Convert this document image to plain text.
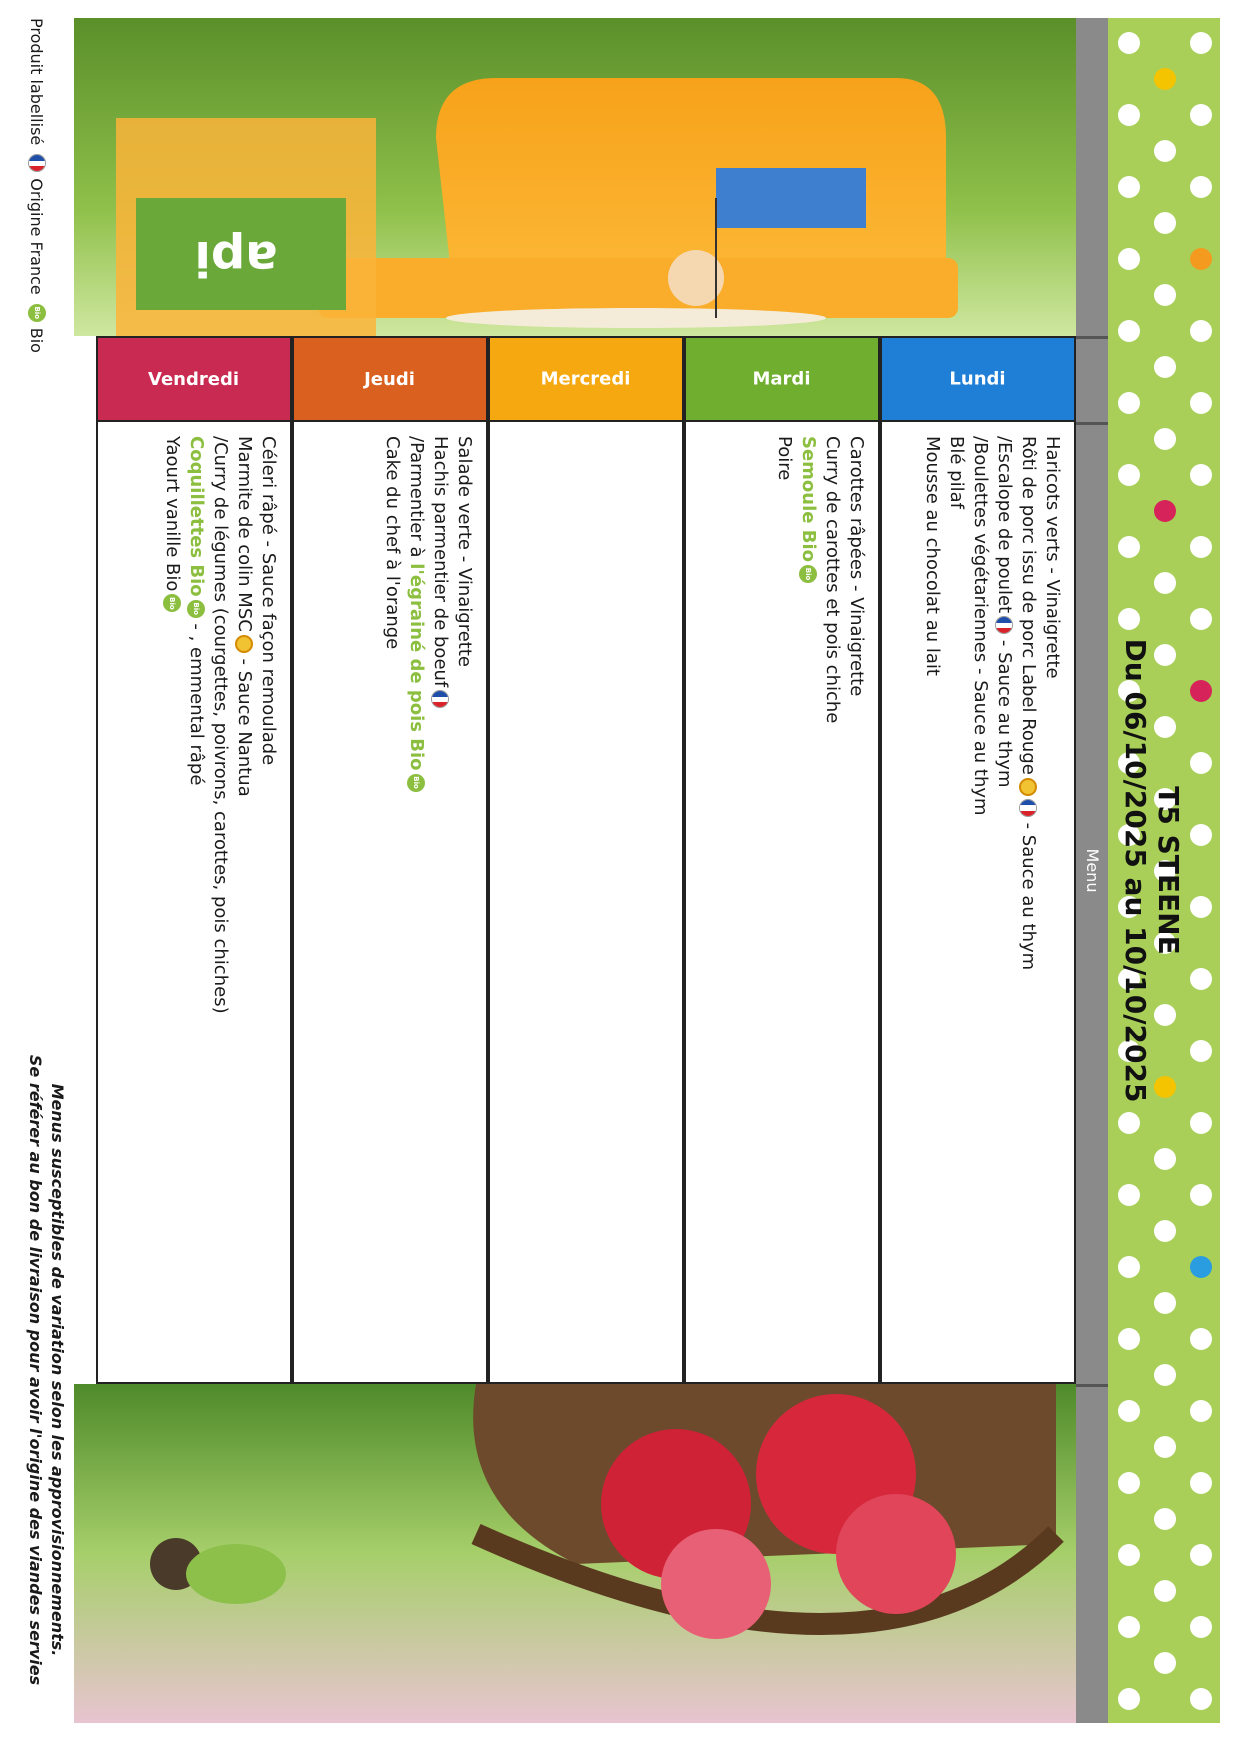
T5 STEENE
Du 06/10/2025 au 10/10/2025
Menu
api
Lundi
Mardi
Mercredi
Jeudi
Vendredi
Haricots verts - Vinaigrette
Rôti de porc issu de porc Label Rouge
- Sauce au thym
/Escalope de poulet
- Sauce au thym
/Boulettes végétariennes - Sauce au thym
Blé pilaf
Mousse au chocolat au lait
Carottes râpées - Vinaigrette
Curry de carottes et pois chiche
Semoule BioBio
Poire
Salade verte - Vinaigrette
Hachis parmentier de boeuf
/Parmentier à l'égrainé de pois BioBio
Cake du chef à l'orange
Céleri râpé - Sauce façon remoulade
Marmite de colin MSC - Sauce Nantua
/Curry de légumes (courgettes, poivrons, carottes, pois chiches)
Coquillettes BioBio - , emmental râpé
Yaourt vanille BioBio
Produit labellisé
Origine France
Bio
Bio
Menus susceptibles de variation selon les approvisionnements.
Se référer au bon de livraison pour avoir l'origine des viandes servies
